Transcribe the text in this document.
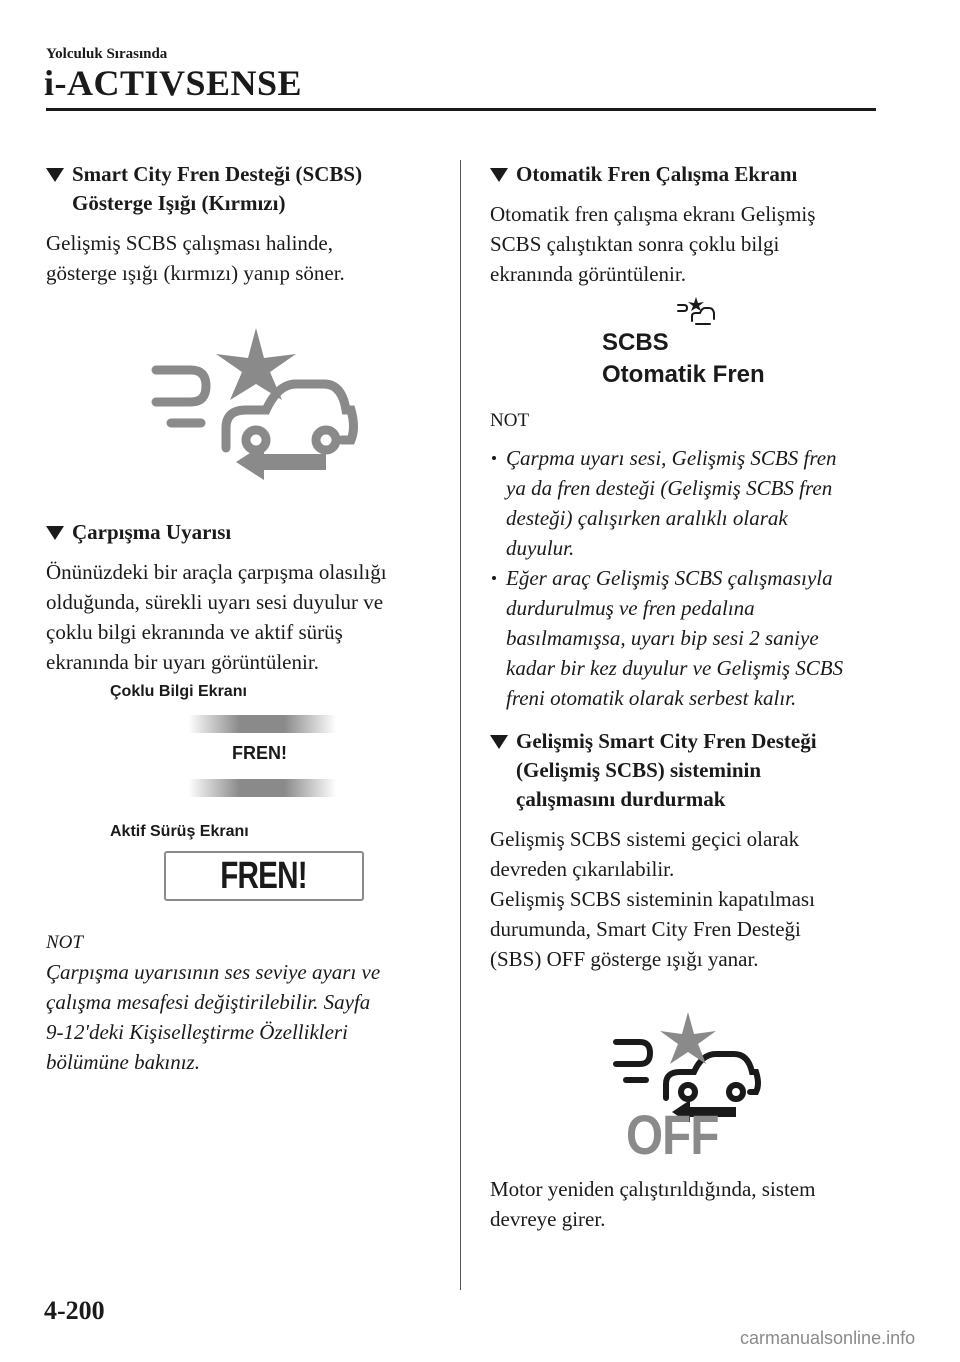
Yolculuk Sırasında
i-ACTIVSENSE
Smart City Fren Desteği (SCBS)
Gösterge Işığı (Kırmızı)
Gelişmiş SCBS çalışması halinde,
gösterge ışığı (kırmızı) yanıp söner.
Çarpışma Uyarısı
Önünüzdeki bir araçla çarpışma olasılığı
olduğunda, sürekli uyarı sesi duyulur ve
çoklu bilgi ekranında ve aktif sürüş
ekranında bir uyarı görüntülenir.
Çoklu Bilgi Ekranı
FREN!
Aktif Sürüş Ekranı
FREN!
NOT
Çarpışma uyarısının ses seviye ayarı ve
çalışma mesafesi değiştirilebilir. Sayfa
9-12'deki Kişiselleştirme Özellikleri
bölümüne bakınız.
Otomatik Fren Çalışma Ekranı
Otomatik fren çalışma ekranı Gelişmiş
SCBS çalıştıktan sonra çoklu bilgi
ekranında görüntülenir.
SCBS
Otomatik Fren
NOT
Çarpma uyarı sesi, Gelişmiş SCBS fren
ya da fren desteği (Gelişmiş SCBS fren
desteği) çalışırken aralıklı olarak
duyulur.
Eğer araç Gelişmiş SCBS çalışmasıyla
durdurulmuş ve fren pedalına
basılmamışsa, uyarı bip sesi 2 saniye
kadar bir kez duyulur ve Gelişmiş SCBS
freni otomatik olarak serbest kalır.
Gelişmiş Smart City Fren Desteği
(Gelişmiş SCBS) sisteminin
çalışmasını durdurmak
Gelişmiş SCBS sistemi geçici olarak
devreden çıkarılabilir.
Gelişmiş SCBS sisteminin kapatılması
durumunda, Smart City Fren Desteği
(SBS) OFF gösterge ışığı yanar.
OFF
Motor yeniden çalıştırıldığında, sistem
devreye girer.
4-200
carmanualsonline.info
